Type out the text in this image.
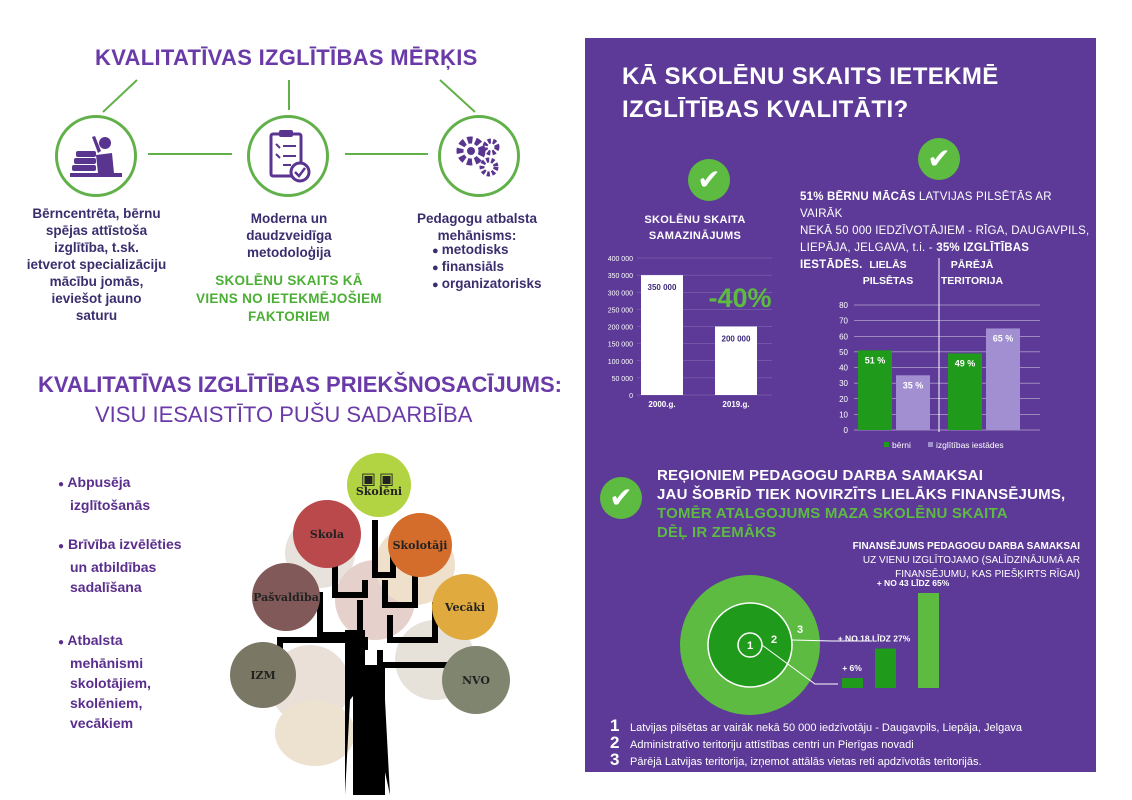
KVALITATĪVAS IZGLĪTĪBAS MĒRĶIS
Bērncentrēta, bērnu
spējas attīstoša
izglītība, t.sk.
ietverot specializāciju
mācību jomās,
ieviešot jauno
saturu
Moderna un
daudzveidīga
metodoloģija
Pedagogu atbalsta
mehānisms:
● metodisks
● finansiāls
● organizatorisks
SKOLĒNU SKAITS KĀ
VIENS NO IETEKMĒJOŠIEM
FAKTORIEM
KVALITATĪVAS IZGLĪTĪBAS PRIEKŠNOSACĪJUMS:
VISU IESAISTĪTO PUŠU SADARBĪBA
● Abpusēja
izglītošanās
● Brīvība izvēlēties
un atbildības
sadalīšana
● Atbalsta
mehānismi
skolotājiem,
skolēniem,
vecākiem
▣▣
Skolēni
Skola
Skolotāji
Pašvaldība
Vecāki
IZM	NVO
KĀ SKOLĒNU SKAITS IETEKMĒ
IZGLĪTĪBAS KVALITĀTI?
✔
✔
✔
SKOLĒNU SKAITA SAMAZINĀJUMS
0
50 000
100 000
150 000
200 000
250 000
300 000
350 000
400 000
350 000
2000.g.
200 000
2019.g.
-40%
51% BĒRNU MĀCĀS LATVIJAS PILSĒTĀS AR VAIRĀK
NEKĀ 50 000 IEDZĪVOTĀJIEM - RĪGA, DAUGAVPILS,
LIEPĀJA, JELGAVA, t.i. - 35% IZGLĪTĪBAS IESTĀDĒS. LIELĀS
PILSĒTAS
PĀRĒJĀ
TERITORIJA
0
10
20
30
40
50
60
70
80
51 %	49 %
35 %
65 %
bērni	izglītības iestādes
REĢIONIEM PEDAGOGU DARBA SAMAKSAI
JAU ŠOBRĪD TIEK NOVIRZĪTS LIELĀKS FINANSĒJUMS,
TOMĒR ATALGOJUMS MAZA SKOLĒNU SKAITA
DĒĻ IR ZEMĀKS
FINANSĒJUMS PEDAGOGU DARBA SAMAKSAI
UZ VIENU IZGLĪTOJAMO (SALĪDZINĀJUMĀ AR FINANSĒJUMU, KAS PIEŠĶIRTS RĪGAI)
1 2
3
+ 6%
+ NO 18 LĪDZ 27%
+ NO 43 LĪDZ 65%
1 Latvijas pilsētas ar vairāk nekā 50 000 iedzīvotāju - Daugavpils, Liepāja, Jelgava
2 Administratīvo teritoriju attīstības centri un Pierīgas novadi
3 Pārējā Latvijas teritorija, izņemot attālās vietas reti apdzīvotās teritorijās.
